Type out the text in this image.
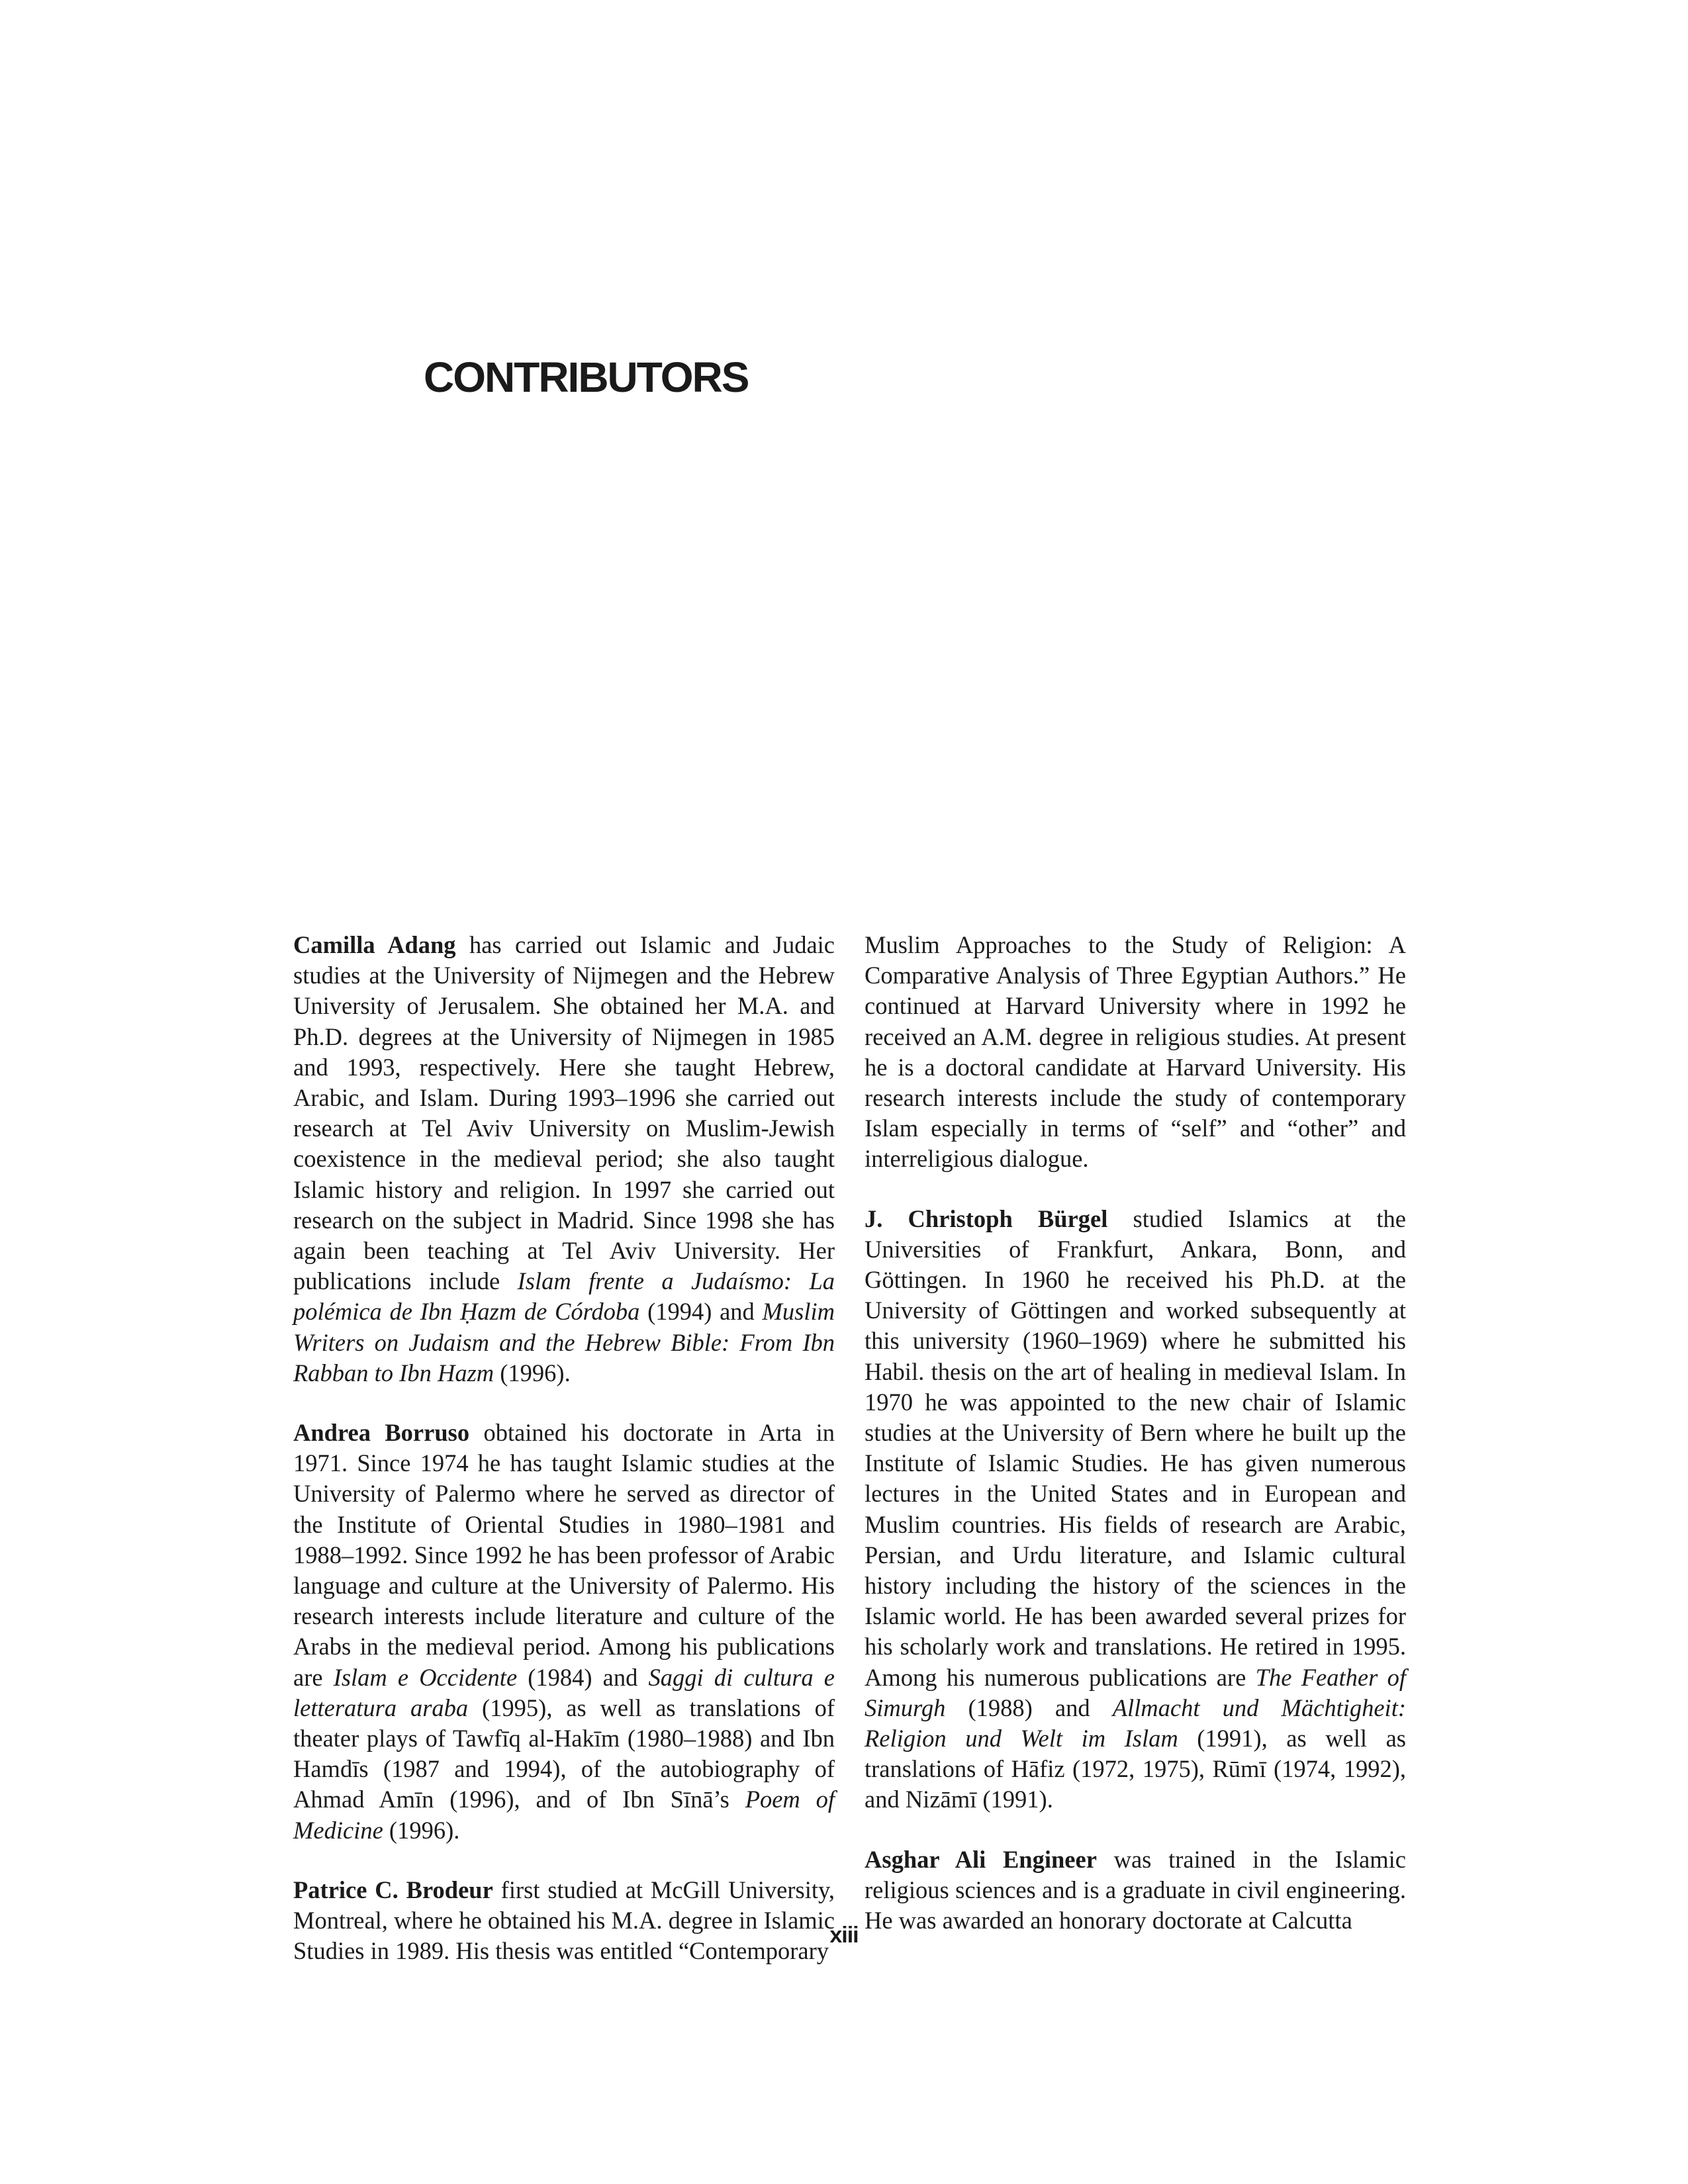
CONTRIBUTORS

Camilla Adang has carried out Islamic and Judaic studies at the University of Nijmegen and the Hebrew University of Jerusalem. She obtained her M.A. and Ph.D. degrees at the University of Nijmegen in 1985 and 1993, respectively. Here she taught Hebrew, Arabic, and Islam. During 1993–1996 she carried out research at Tel Aviv University on Muslim-Jewish coexistence in the medieval period; she also taught Islamic history and religion. In 1997 she carried out research on the subject in Madrid. Since 1998 she has again been teaching at Tel Aviv University. Her publications include Islam frente a Judaísmo: La polémica de Ibn Ḥazm de Córdoba (1994) and Muslim Writers on Judaism and the Hebrew Bible: From Ibn Rabban to Ibn Hazm (1996).

Andrea Borruso obtained his doctorate in Arta in 1971. Since 1974 he has taught Islamic studies at the University of Palermo where he served as director of the Institute of Oriental Studies in 1980–1981 and 1988–1992. Since 1992 he has been professor of Arabic language and culture at the University of Palermo. His research interests include literature and culture of the Arabs in the medieval period. Among his publications are Islam e Occidente (1984) and Saggi di cultura e letteratura araba (1995), as well as translations of theater plays of Tawfīq al-Hakīm (1980–1988) and Ibn Hamdīs (1987 and 1994), of the autobiography of Ahmad Amīn (1996), and of Ibn Sīnā’s Poem of Medicine (1996).

Patrice C. Brodeur first studied at McGill University, Montreal, where he obtained his M.A. degree in Islamic Studies in 1989. His thesis was entitled “Contemporary

Muslim Approaches to the Study of Religion: A Comparative Analysis of Three Egyptian Authors.” He continued at Harvard University where in 1992 he received an A.M. degree in religious studies. At present he is a doctoral candidate at Harvard University. His research interests include the study of contemporary Islam especially in terms of “self” and “other” and interreligious dialogue.

J. Christoph Bürgel studied Islamics at the Universities of Frankfurt, Ankara, Bonn, and Göttingen. In 1960 he received his Ph.D. at the University of Göttingen and worked subsequently at this university (1960–1969) where he submitted his Habil. thesis on the art of healing in medieval Islam. In 1970 he was appointed to the new chair of Islamic studies at the University of Bern where he built up the Institute of Islamic Studies. He has given numerous lectures in the United States and in European and Muslim countries. His fields of research are Arabic, Persian, and Urdu literature, and Islamic cultural history including the history of the sciences in the Islamic world. He has been awarded several prizes for his scholarly work and translations. He retired in 1995. Among his numerous publications are The Feather of Simurgh (1988) and Allmacht und Mächtigheit: Religion und Welt im Islam (1991), as well as translations of Hāfiz (1972, 1975), Rūmī (1974, 1992), and Nizāmī (1991).

Asghar Ali Engineer was trained in the Islamic religious sciences and is a graduate in civil engineering. He was awarded an honorary doctorate at Calcutta

xiii
